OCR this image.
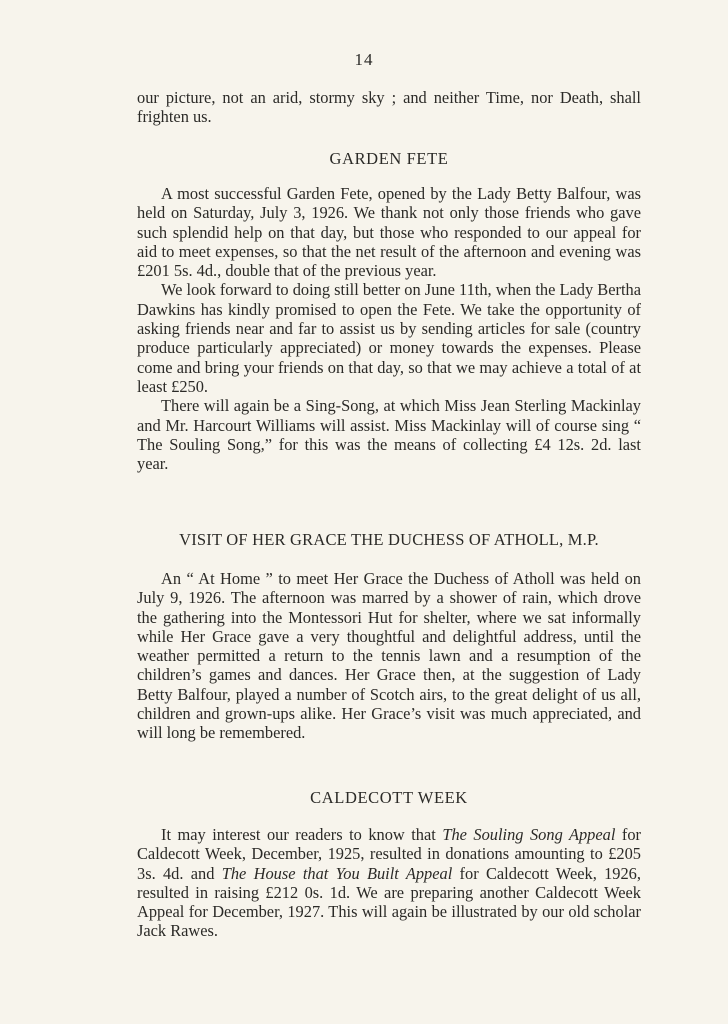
14

our picture, not an arid, stormy sky ; and neither Time, nor Death, shall frighten us.

GARDEN FETE

A most successful Garden Fete, opened by the Lady Betty Balfour, was held on Saturday, July 3, 1926. We thank not only those friends who gave such splendid help on that day, but those who responded to our appeal for aid to meet expenses, so that the net result of the afternoon and evening was £201 5s. 4d., double that of the previous year.

We look forward to doing still better on June 11th, when the Lady Bertha Dawkins has kindly promised to open the Fete. We take the opportunity of asking friends near and far to assist us by sending articles for sale (country produce particularly appreciated) or money towards the expenses. Please come and bring your friends on that day, so that we may achieve a total of at least £250.

There will again be a Sing-Song, at which Miss Jean Sterling Mackinlay and Mr. Harcourt Williams will assist. Miss Mackinlay will of course sing “ The Souling Song,” for this was the means of collecting £4 12s. 2d. last year.

VISIT OF HER GRACE THE DUCHESS OF ATHOLL, M.P.

An “ At Home ” to meet Her Grace the Duchess of Atholl was held on July 9, 1926. The afternoon was marred by a shower of rain, which drove the gathering into the Montessori Hut for shelter, where we sat informally while Her Grace gave a very thoughtful and delightful address, until the weather permitted a return to the tennis lawn and a resumption of the children’s games and dances. Her Grace then, at the suggestion of Lady Betty Balfour, played a number of Scotch airs, to the great delight of us all, children and grown-ups alike. Her Grace’s visit was much appreciated, and will long be remembered.

CALDECOTT WEEK

It may interest our readers to know that The Souling Song Appeal for Caldecott Week, December, 1925, resulted in donations amounting to £205 3s. 4d. and The House that You Built Appeal for Caldecott Week, 1926, resulted in raising £212 0s. 1d. We are preparing another Caldecott Week Appeal for December, 1927. This will again be illustrated by our old scholar Jack Rawes.
